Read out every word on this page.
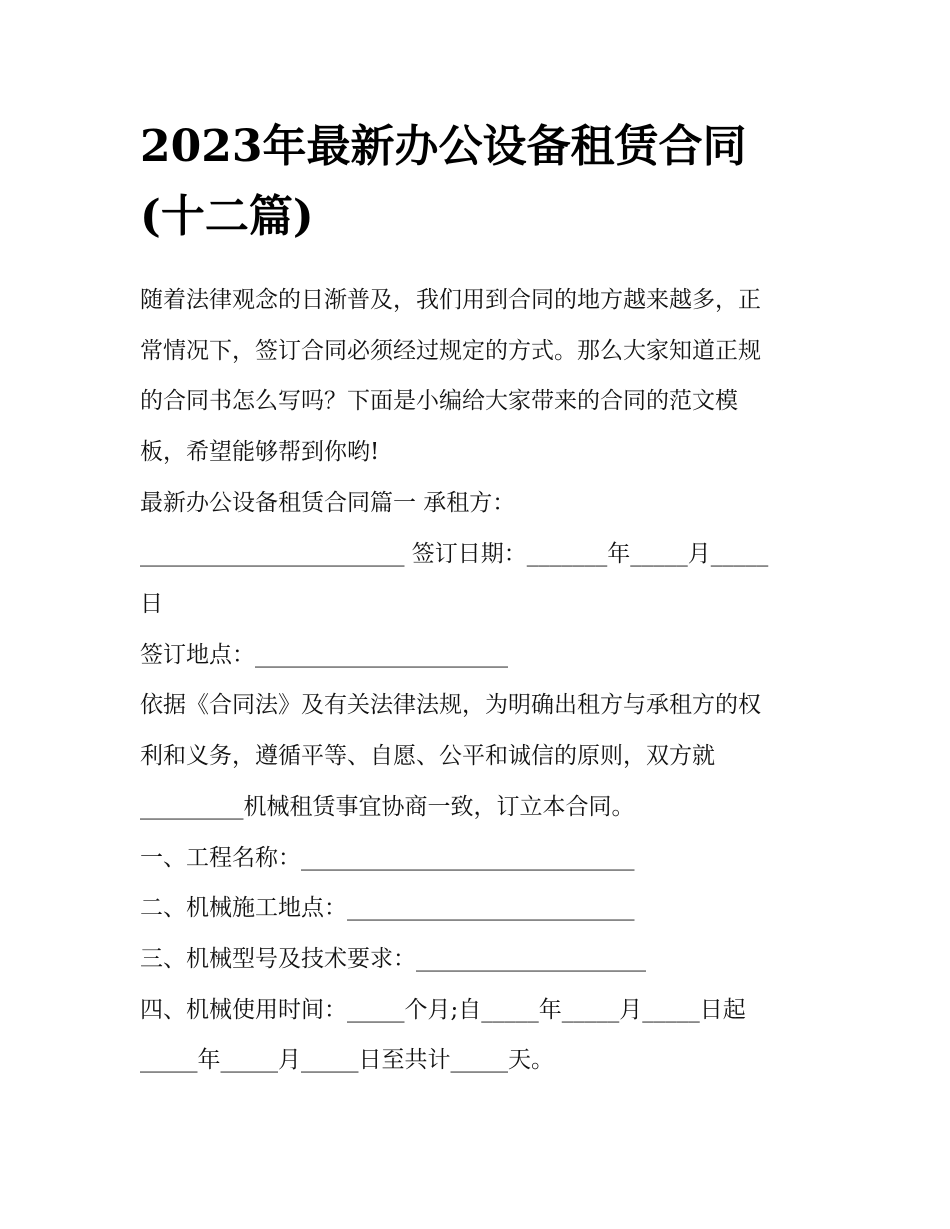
2023年最新办公设备租赁合同
(十二篇)

随着法律观念的日渐普及，我们用到合同的地方越来越多，正

常情况下，签订合同必须经过规定的方式。那么大家知道正规

的合同书怎么写吗？下面是小编给大家带来的合同的范文模

板，希望能够帮到你哟!

最新办公设备租赁合同篇一 承租方：

_______________________ 签订日期：_______年_____月_____

日

签订地点：______________________

依据《合同法》及有关法律法规，为明确出租方与承租方的权

利和义务，遵循平等、自愿、公平和诚信的原则，双方就

_________机械租赁事宜协商一致，订立本合同。

一、工程名称：_____________________________

二、机械施工地点：_________________________

三、机械型号及技术要求：____________________

四、机械使用时间：_____个月;自_____年_____月_____日起

_____年_____月_____日至共计_____天。
